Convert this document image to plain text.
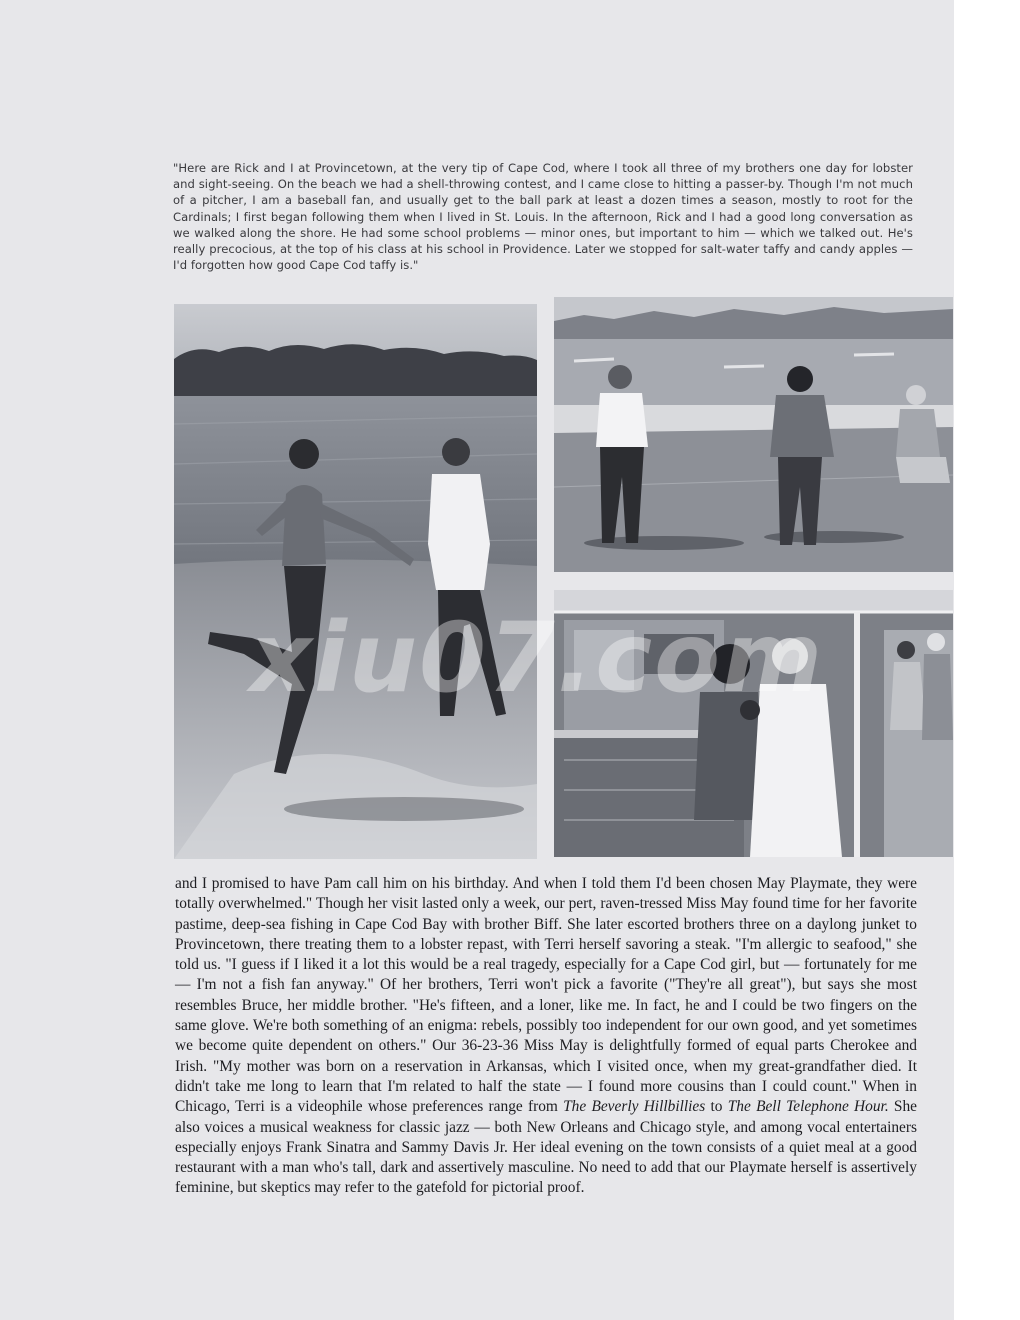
"Here are Rick and I at Provincetown, at the very tip of Cape Cod, where I took all three of my brothers one day for lobster and sight-seeing. On the beach we had a shell-throwing contest, and I came close to hitting a passer-by. Though I'm not much of a pitcher, I am a baseball fan, and usually get to the ball park at least a dozen times a season, mostly to root for the Cardinals; I first began following them when I lived in St. Louis. In the afternoon, Rick and I had a good long conversation as we walked along the shore. He had some school problems — minor ones, but important to him — which we talked out. He's really precocious, at the top of his class at his school in Providence. Later we stopped for salt-water taffy and candy apples — I'd forgotten how good Cape Cod taffy is."
xiu07.com

and I promised to have Pam call him on his birthday. And when I told them I'd been chosen May Playmate, they were totally overwhelmed." Though her visit lasted only a week, our pert, raven-tressed Miss May found time for her favorite pastime, deep-sea fishing in Cape Cod Bay with brother Biff. She later escorted brothers three on a daylong junket to Provincetown, there treating them to a lobster repast, with Terri herself savoring a steak. "I'm allergic to seafood," she told us. "I guess if I liked it a lot this would be a real tragedy, especially for a Cape Cod girl, but — fortunately for me — I'm not a fish fan anyway." Of her brothers, Terri won't pick a favorite ("They're all great"), but says she most resembles Bruce, her middle brother. "He's fifteen, and a loner, like me. In fact, he and I could be two fingers on the same glove. We're both something of an enigma: rebels, possibly too independent for our own good, and yet sometimes we become quite dependent on others." Our 36-23-36 Miss May is delightfully formed of equal parts Cherokee and Irish. "My mother was born on a reservation in Arkansas, which I visited once, when my great-grandfather died. It didn't take me long to learn that I'm related to half the state — I found more cousins than I could count." When in Chicago, Terri is a videophile whose preferences range from The Beverly Hillbillies to The Bell Telephone Hour. She also voices a musical weakness for classic jazz — both New Orleans and Chicago style, and among vocal entertainers especially enjoys Frank Sinatra and Sammy Davis Jr. Her ideal evening on the town consists of a quiet meal at a good restaurant with a man who's tall, dark and assertively masculine. No need to add that our Playmate herself is assertively feminine, but skeptics may refer to the gatefold for pictorial proof.
